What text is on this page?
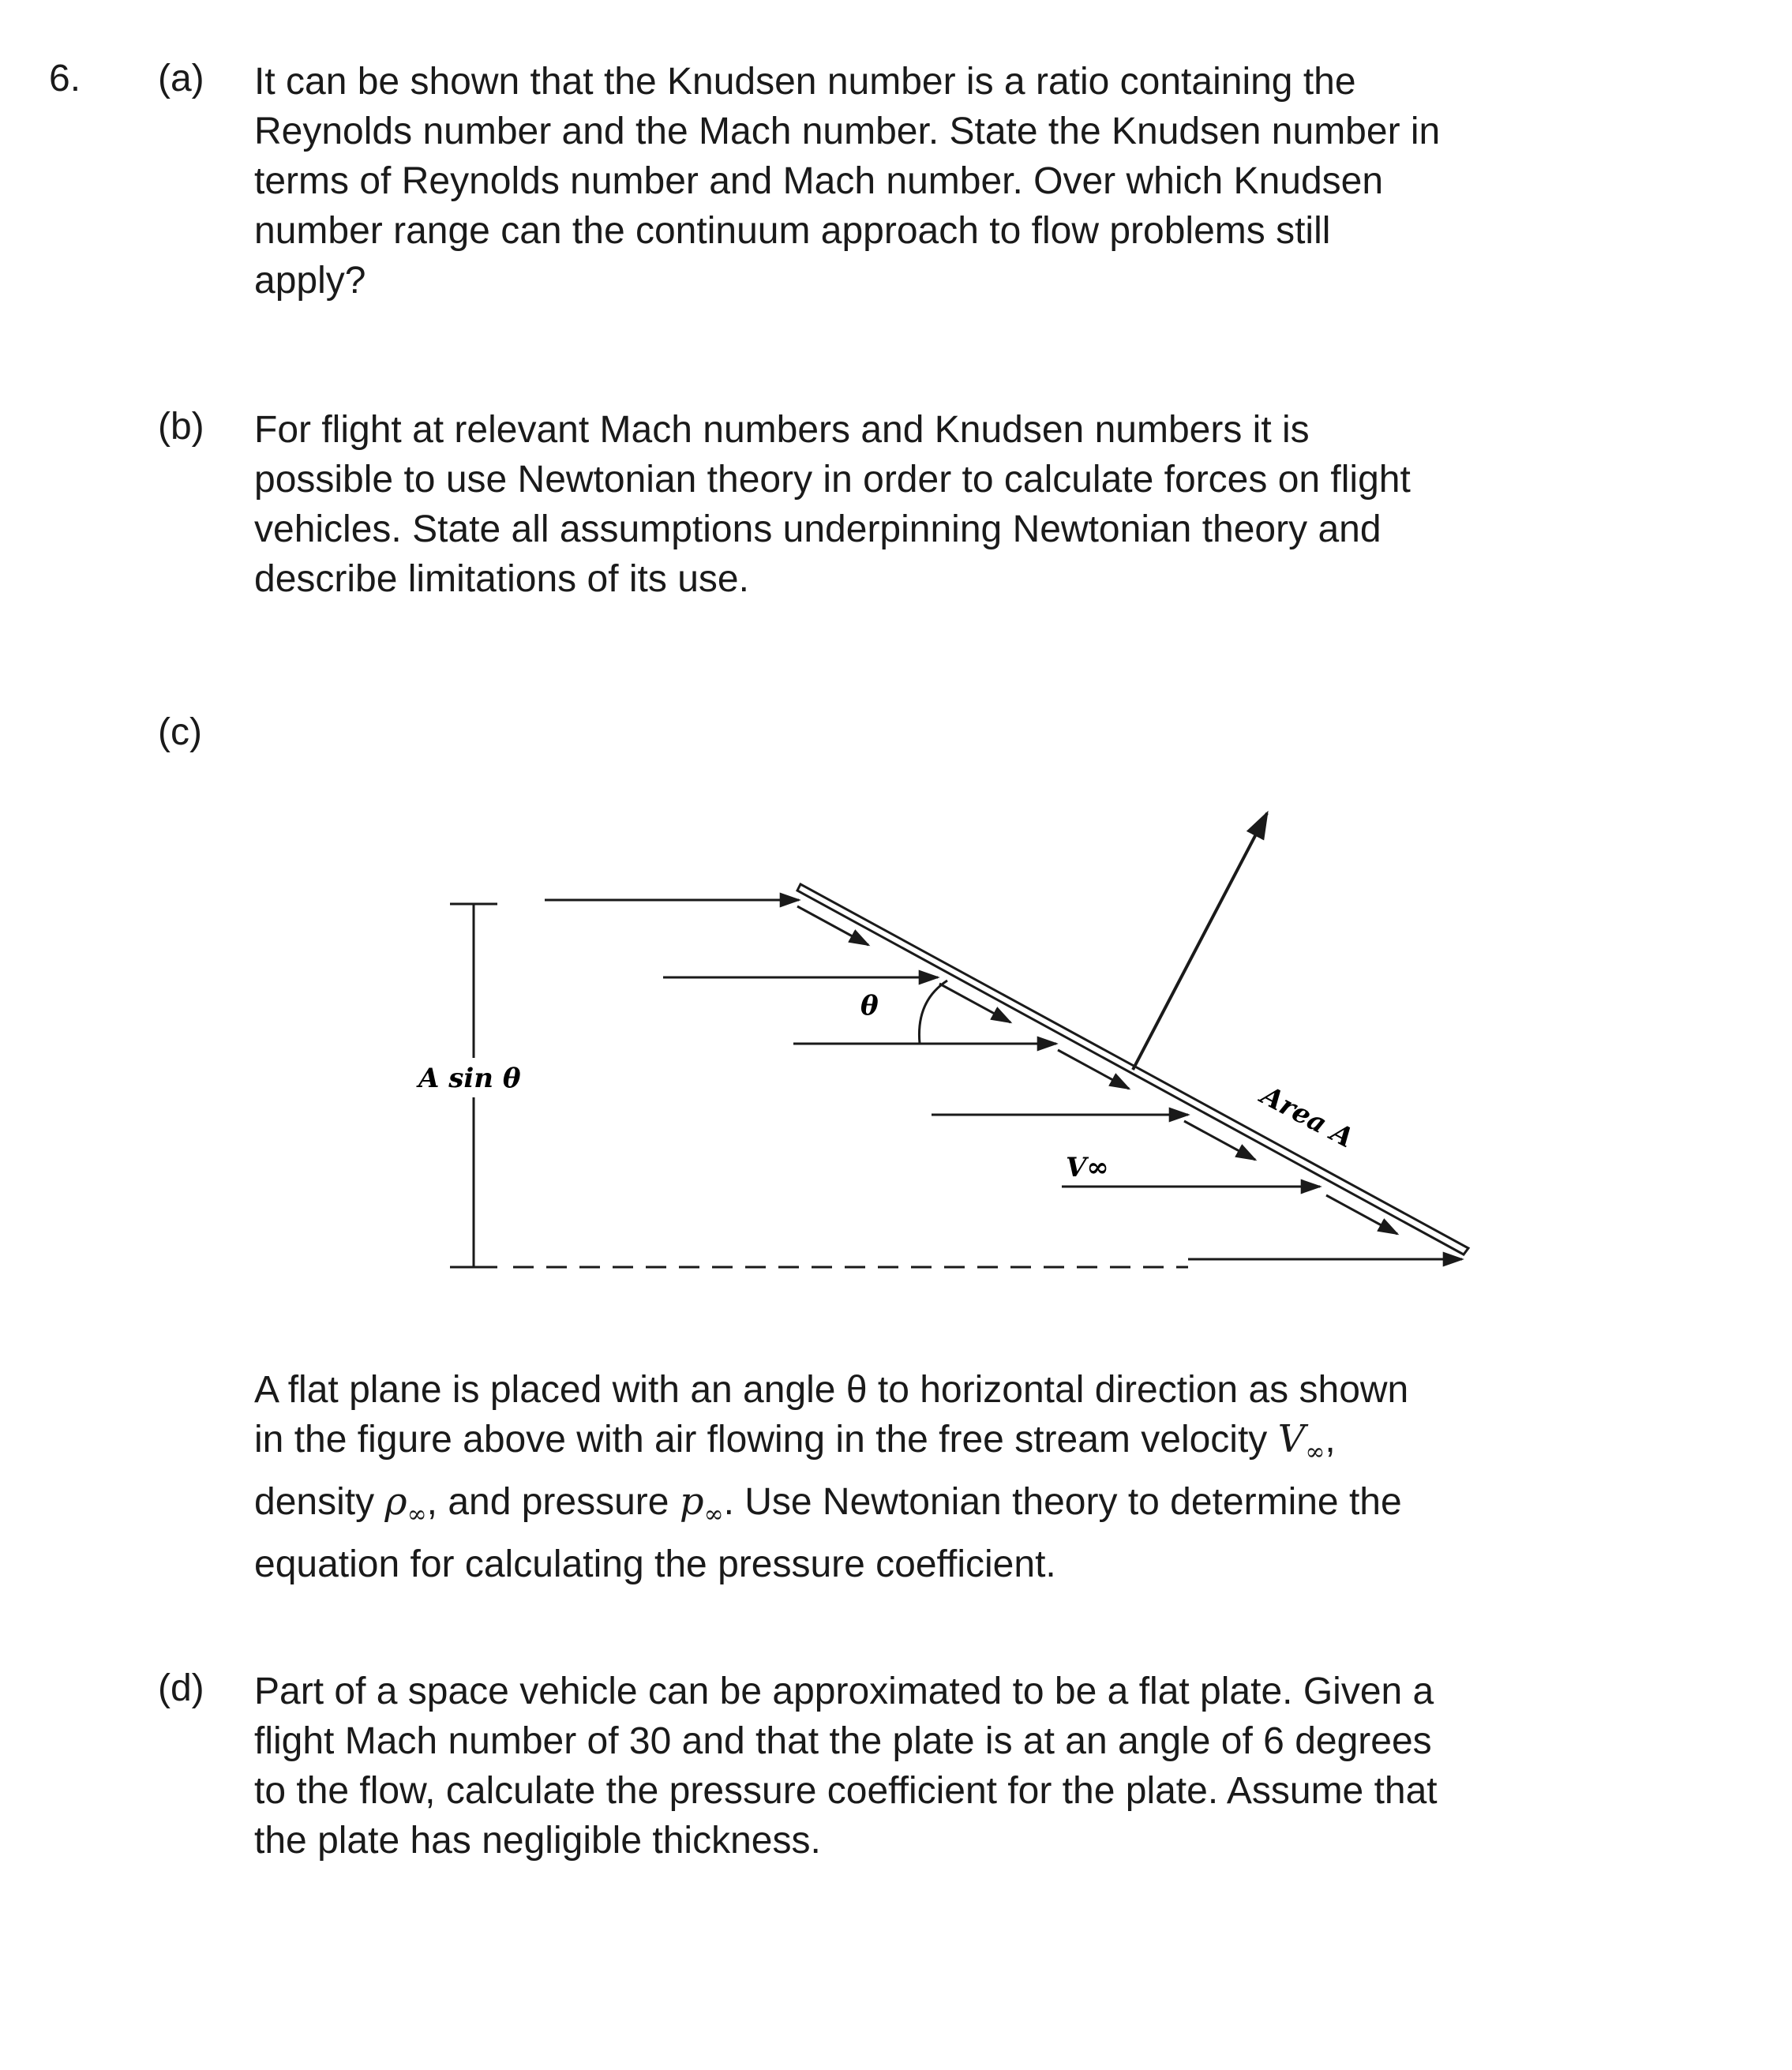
6. (a) It can be shown that the Knudsen number is a ratio containing the
Reynolds number and the Mach number. State the Knudsen number in
terms of Reynolds number and Mach number. Over which Knudsen
number range can the continuum approach to flow problems still
apply?
(b) For flight at relevant Mach numbers and Knudsen numbers it is
possible to use Newtonian theory in order to calculate forces on flight
vehicles. State all assumptions underpinning Newtonian theory and
describe limitations of its use.
(c)
A sin θ
θ
Area A
V∞
A flat plane is placed with an angle θ to horizontal direction as shown
in the figure above with air flowing in the free stream velocity $V_\infty$,
density $\rho_\infty$, and pressure $p_\infty$. Use Newtonian theory to determine the
equation for calculating the pressure coefficient.
(d) Part of a space vehicle can be approximated to be a flat plate. Given a
flight Mach number of 30 and that the plate is at an angle of 6 degrees
to the flow, calculate the pressure coefficient for the plate. Assume that
the plate has negligible thickness.
